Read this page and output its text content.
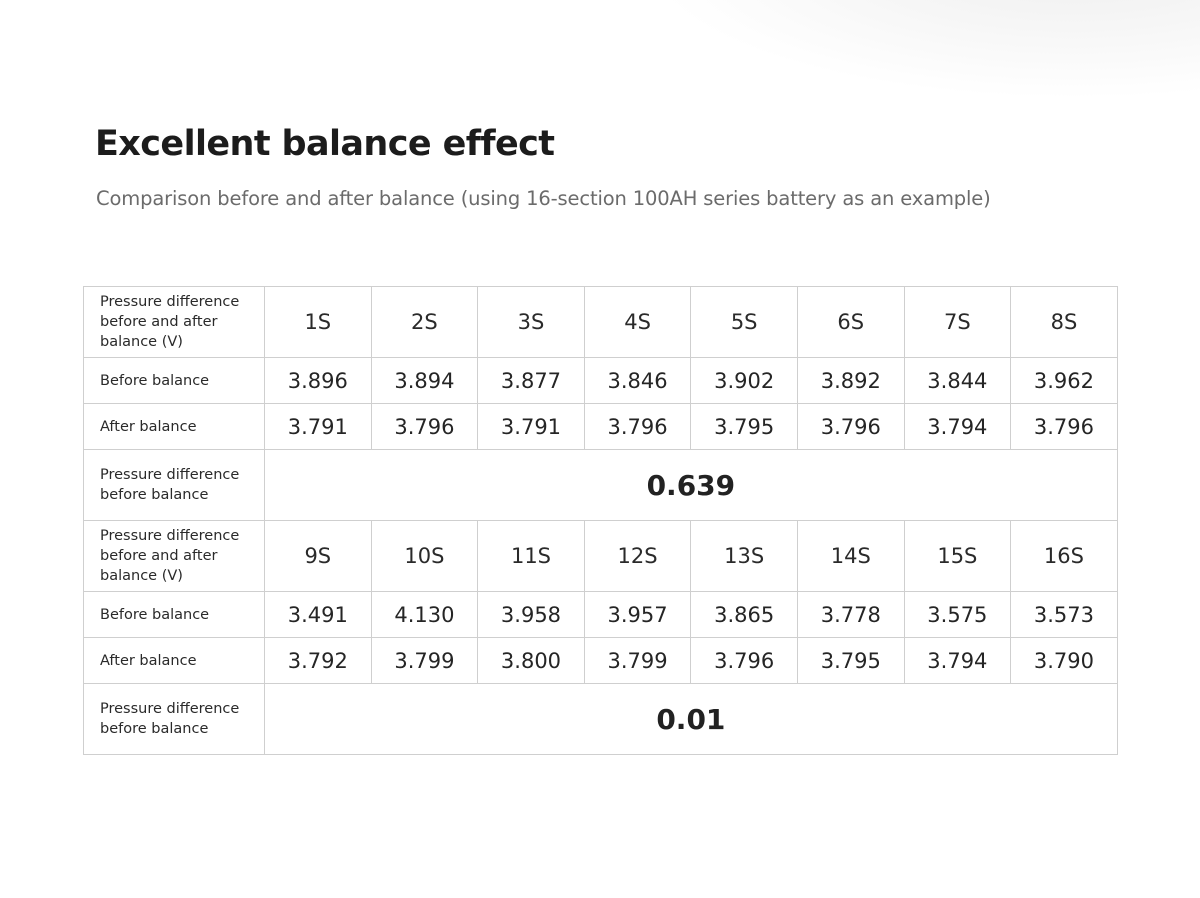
Excellent balance effect

Comparison before and after balance (using 16-section 100AH series battery as an example)

Pressure difference before and after balance (V)	1S	2S	3S	4S	5S	6S	7S	8S
Before balance	3.896	3.894	3.877	3.846	3.902	3.892	3.844	3.962
After balance	3.791	3.796	3.791	3.796	3.795	3.796	3.794	3.796
Pressure difference before balance	0.639							
Pressure difference before and after balance (V)	9S	10S	11S	12S	13S	14S	15S	16S
Before balance	3.491	4.130	3.958	3.957	3.865	3.778	3.575	3.573
After balance	3.792	3.799	3.800	3.799	3.796	3.795	3.794	3.790
Pressure difference before balance	0.01							
